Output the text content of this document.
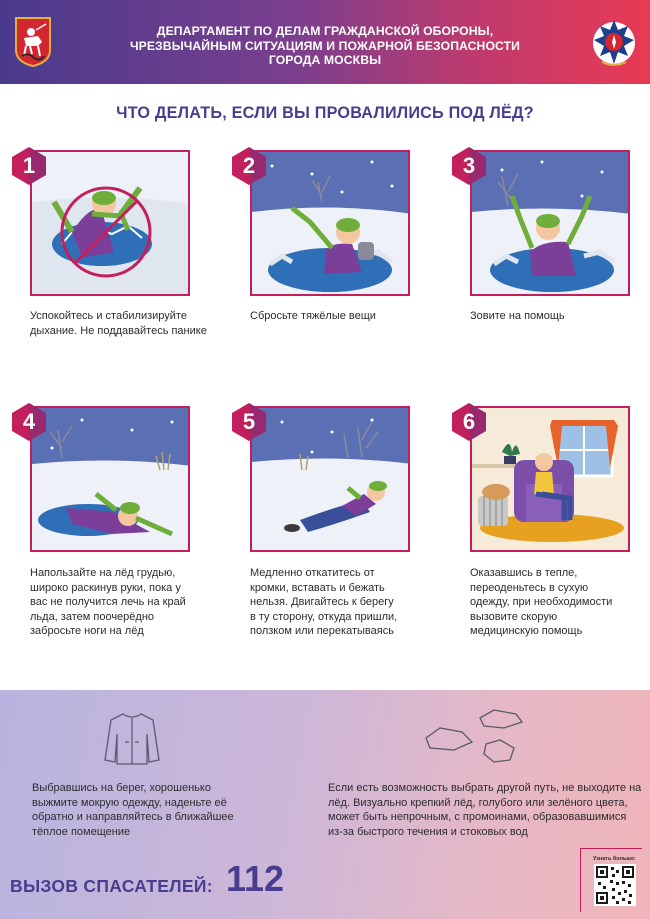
ДЕПАРТАМЕНТ ПО ДЕЛАМ ГРАЖДАНСКОЙ ОБОРОНЫ,
ЧРЕЗВЫЧАЙНЫМ СИТУАЦИЯМ И ПОЖАРНОЙ БЕЗОПАСНОСТИ
ГОРОДА МОСКВЫ
ЧТО ДЕЛАТЬ, ЕСЛИ ВЫ ПРОВАЛИЛИСЬ ПОД ЛЁД?
1
Успокойтесь и стабилизируйте
дыхание. Не поддавайтесь панике
2
Сбросьте тяжёлые вещи
3
Зовите на помощь
4
Напользайте на лёд грудью,
широко раскинув руки, пока у
вас не получится лечь на край
льда, затем поочерёдно
забросьте ноги на лёд
5
Медленно откатитесь от
кромки, вставать и бежать
нельзя. Двигайтесь к берегу
в ту сторону, откуда пришли,
ползком или перекатываясь
6
Оказавшись в тепле,
переоденьтесь в сухую
одежду, при необходимости
вызовите скорую
медицинскую помощь
Выбравшись на берег, хорошенько
выжмите мокрую одежду, наденьте её
обратно и направляйтесь в ближайшее
тёплое помещение
Если есть возможность выбрать другой путь, не выходите на
лёд. Визуально крепкий лёд, голубого или зелёного цвета,
может быть непрочным, с промоинами, образовавшимися
из-за быстрого течения и стоковых вод
ВЫЗОВ СПАСАТЕЛЕЙ: 112	Узнать больше:
